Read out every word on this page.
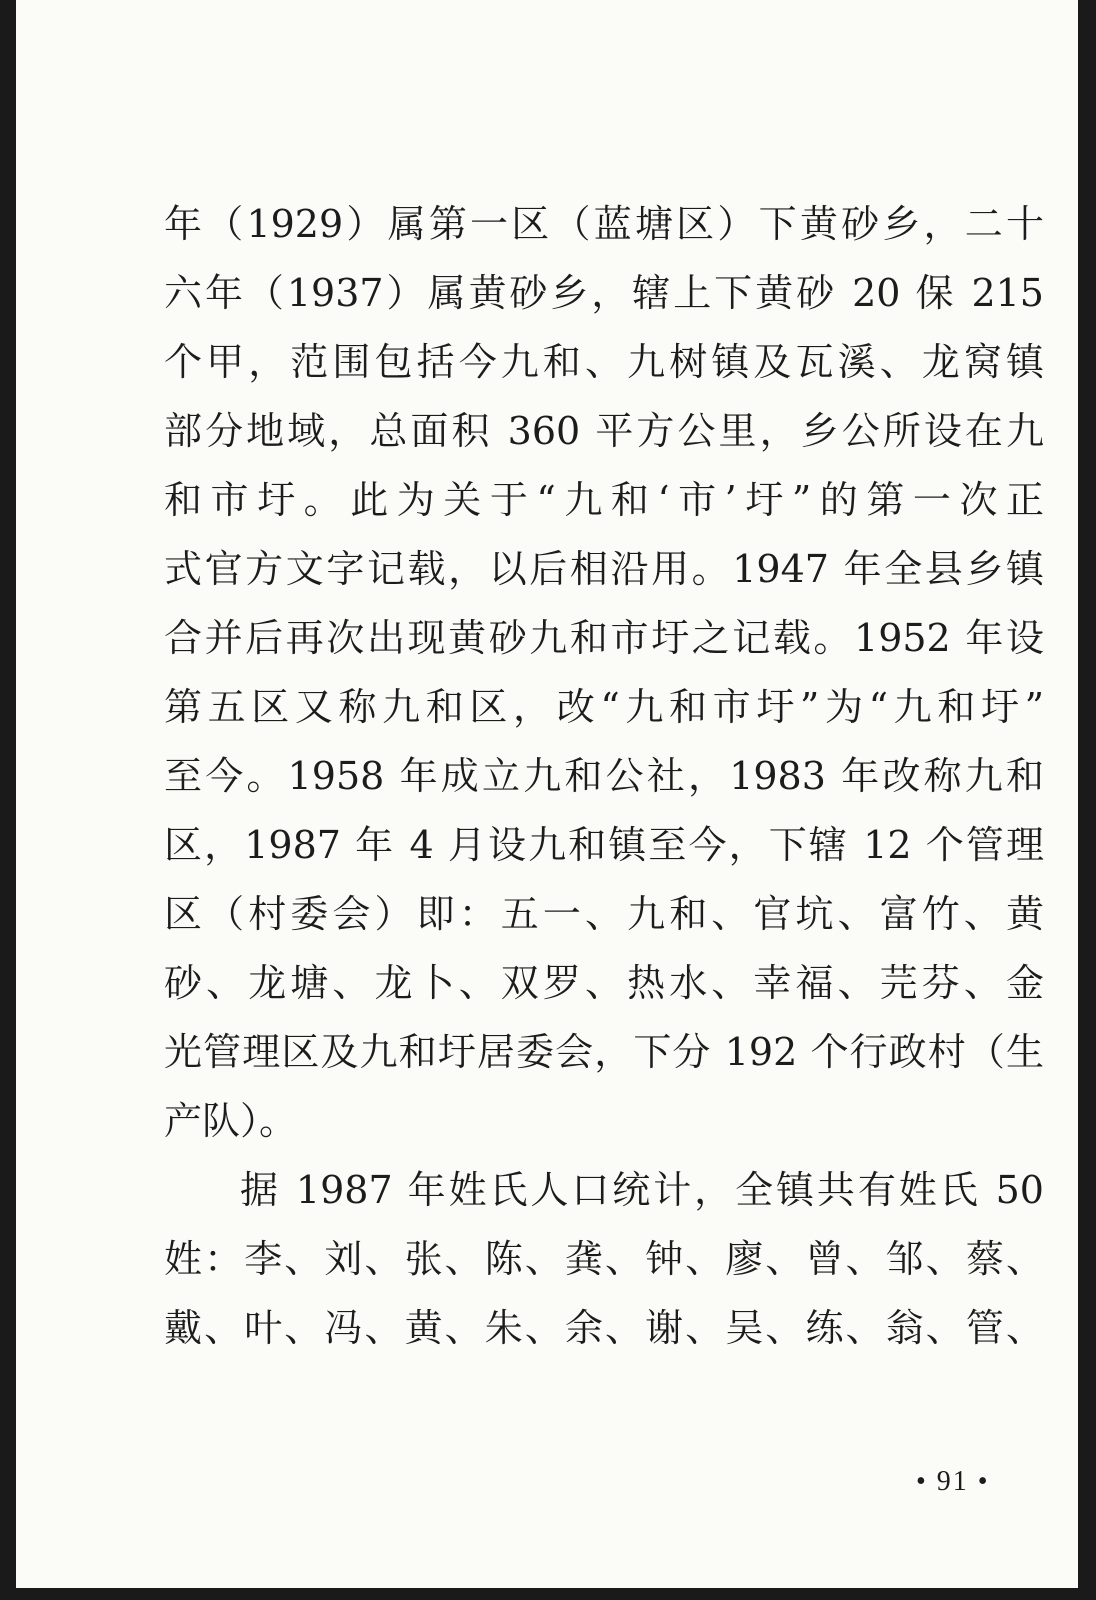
年（1929）属第一区（蓝塘区）下黄砂乡，二十
六年（1937）属黄砂乡，辖上下黄砂 20 保 215
个甲，范围包括今九和、九树镇及瓦溪、龙窝镇
部分地域，总面积 360 平方公里，乡公所设在九
和市圩。此为关于“九和‘市’圩”的第一次正
式官方文字记载，以后相沿用。1947 年全县乡镇
合并后再次出现黄砂九和市圩之记载。1952 年设
第五区又称九和区，改“九和市圩”为“九和圩”
至今。1958 年成立九和公社，1983 年改称九和
区，1987 年 4 月设九和镇至今，下辖 12 个管理
区（村委会）即：五一、九和、官坑、富竹、黄
砂、龙塘、龙卜、双罗、热水、幸福、芫芬、金
光管理区及九和圩居委会，下分 192 个行政村（生
产队）。
据 1987 年姓氏人口统计，全镇共有姓氏 50
姓：李、刘、张、陈、龚、钟、廖、曾、邹、蔡、
戴、叶、冯、黄、朱、余、谢、吴、练、翁、管、
• 91 •
